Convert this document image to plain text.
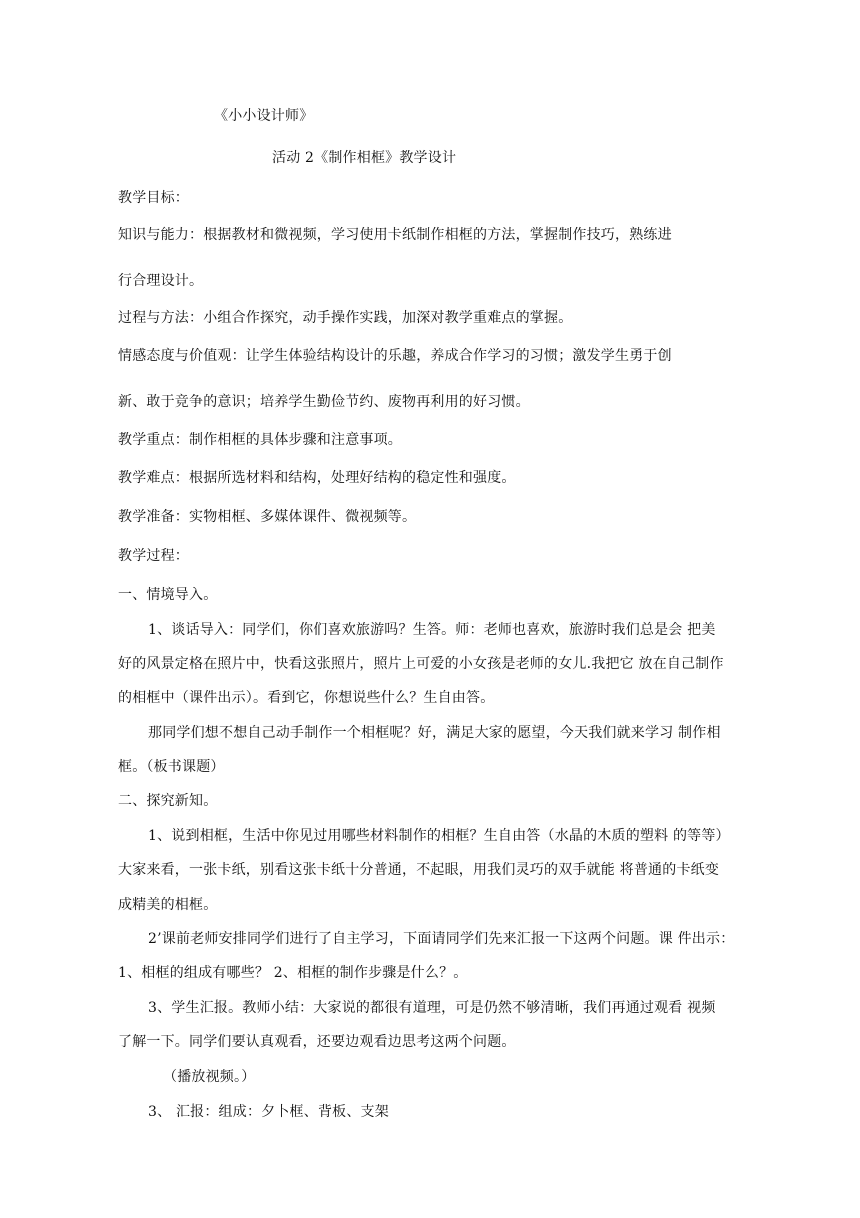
《小小设计师》
活动 2《制作相框》教学设计
教学目标：
知识与能力：根据教材和微视频，学习使用卡纸制作相框的方法，掌握制作技巧，熟练进
行合理设计。
过程与方法：小组合作探究，动手操作实践，加深对教学重难点的掌握。
情感态度与价值观：让学生体验结构设计的乐趣，养成合作学习的习惯；激发学生勇于创
新、敢于竞争的意识；培养学生勤俭节约、废物再利用的好习惯。
教学重点：制作相框的具体步骤和注意事项。
教学难点：根据所选材料和结构，处理好结构的稳定性和强度。
教学准备：实物相框、多媒体课件、微视频等。
教学过程：
一、情境导入。
1、谈话导入：同学们，你们喜欢旅游吗？生答。师：老师也喜欢，旅游时我们总是会 把美
好的风景定格在照片中，快看这张照片，照片上可爱的小女孩是老师的女儿.我把它 放在自己制作
的相框中（课件出示）。看到它，你想说些什么？生自由答。
那同学们想不想自己动手制作一个相框呢？好，满足大家的愿望，今天我们就来学习 制作相
框。（板书课题）
二、探究新知。
1、说到相框，生活中你见过用哪些材料制作的相框？生自由答（水晶的木质的塑料 的等等）
大家来看，一张卡纸，别看这张卡纸十分普通，不起眼，用我们灵巧的双手就能 将普通的卡纸变
成精美的相框。
2’课前老师安排同学们进行了自主学习，下面请同学们先来汇报一下这两个问题。课 件出示：
1、相框的组成有哪些？ 2、相框的制作步骤是什么？。
3、学生汇报。教师小结：大家说的都很有道理，可是仍然不够清晰，我们再通过观看 视频
了解一下。同学们要认真观看，还要边观看边思考这两个问题。
（播放视频。）
3、 汇报：组成：夕卜框、背板、支架
